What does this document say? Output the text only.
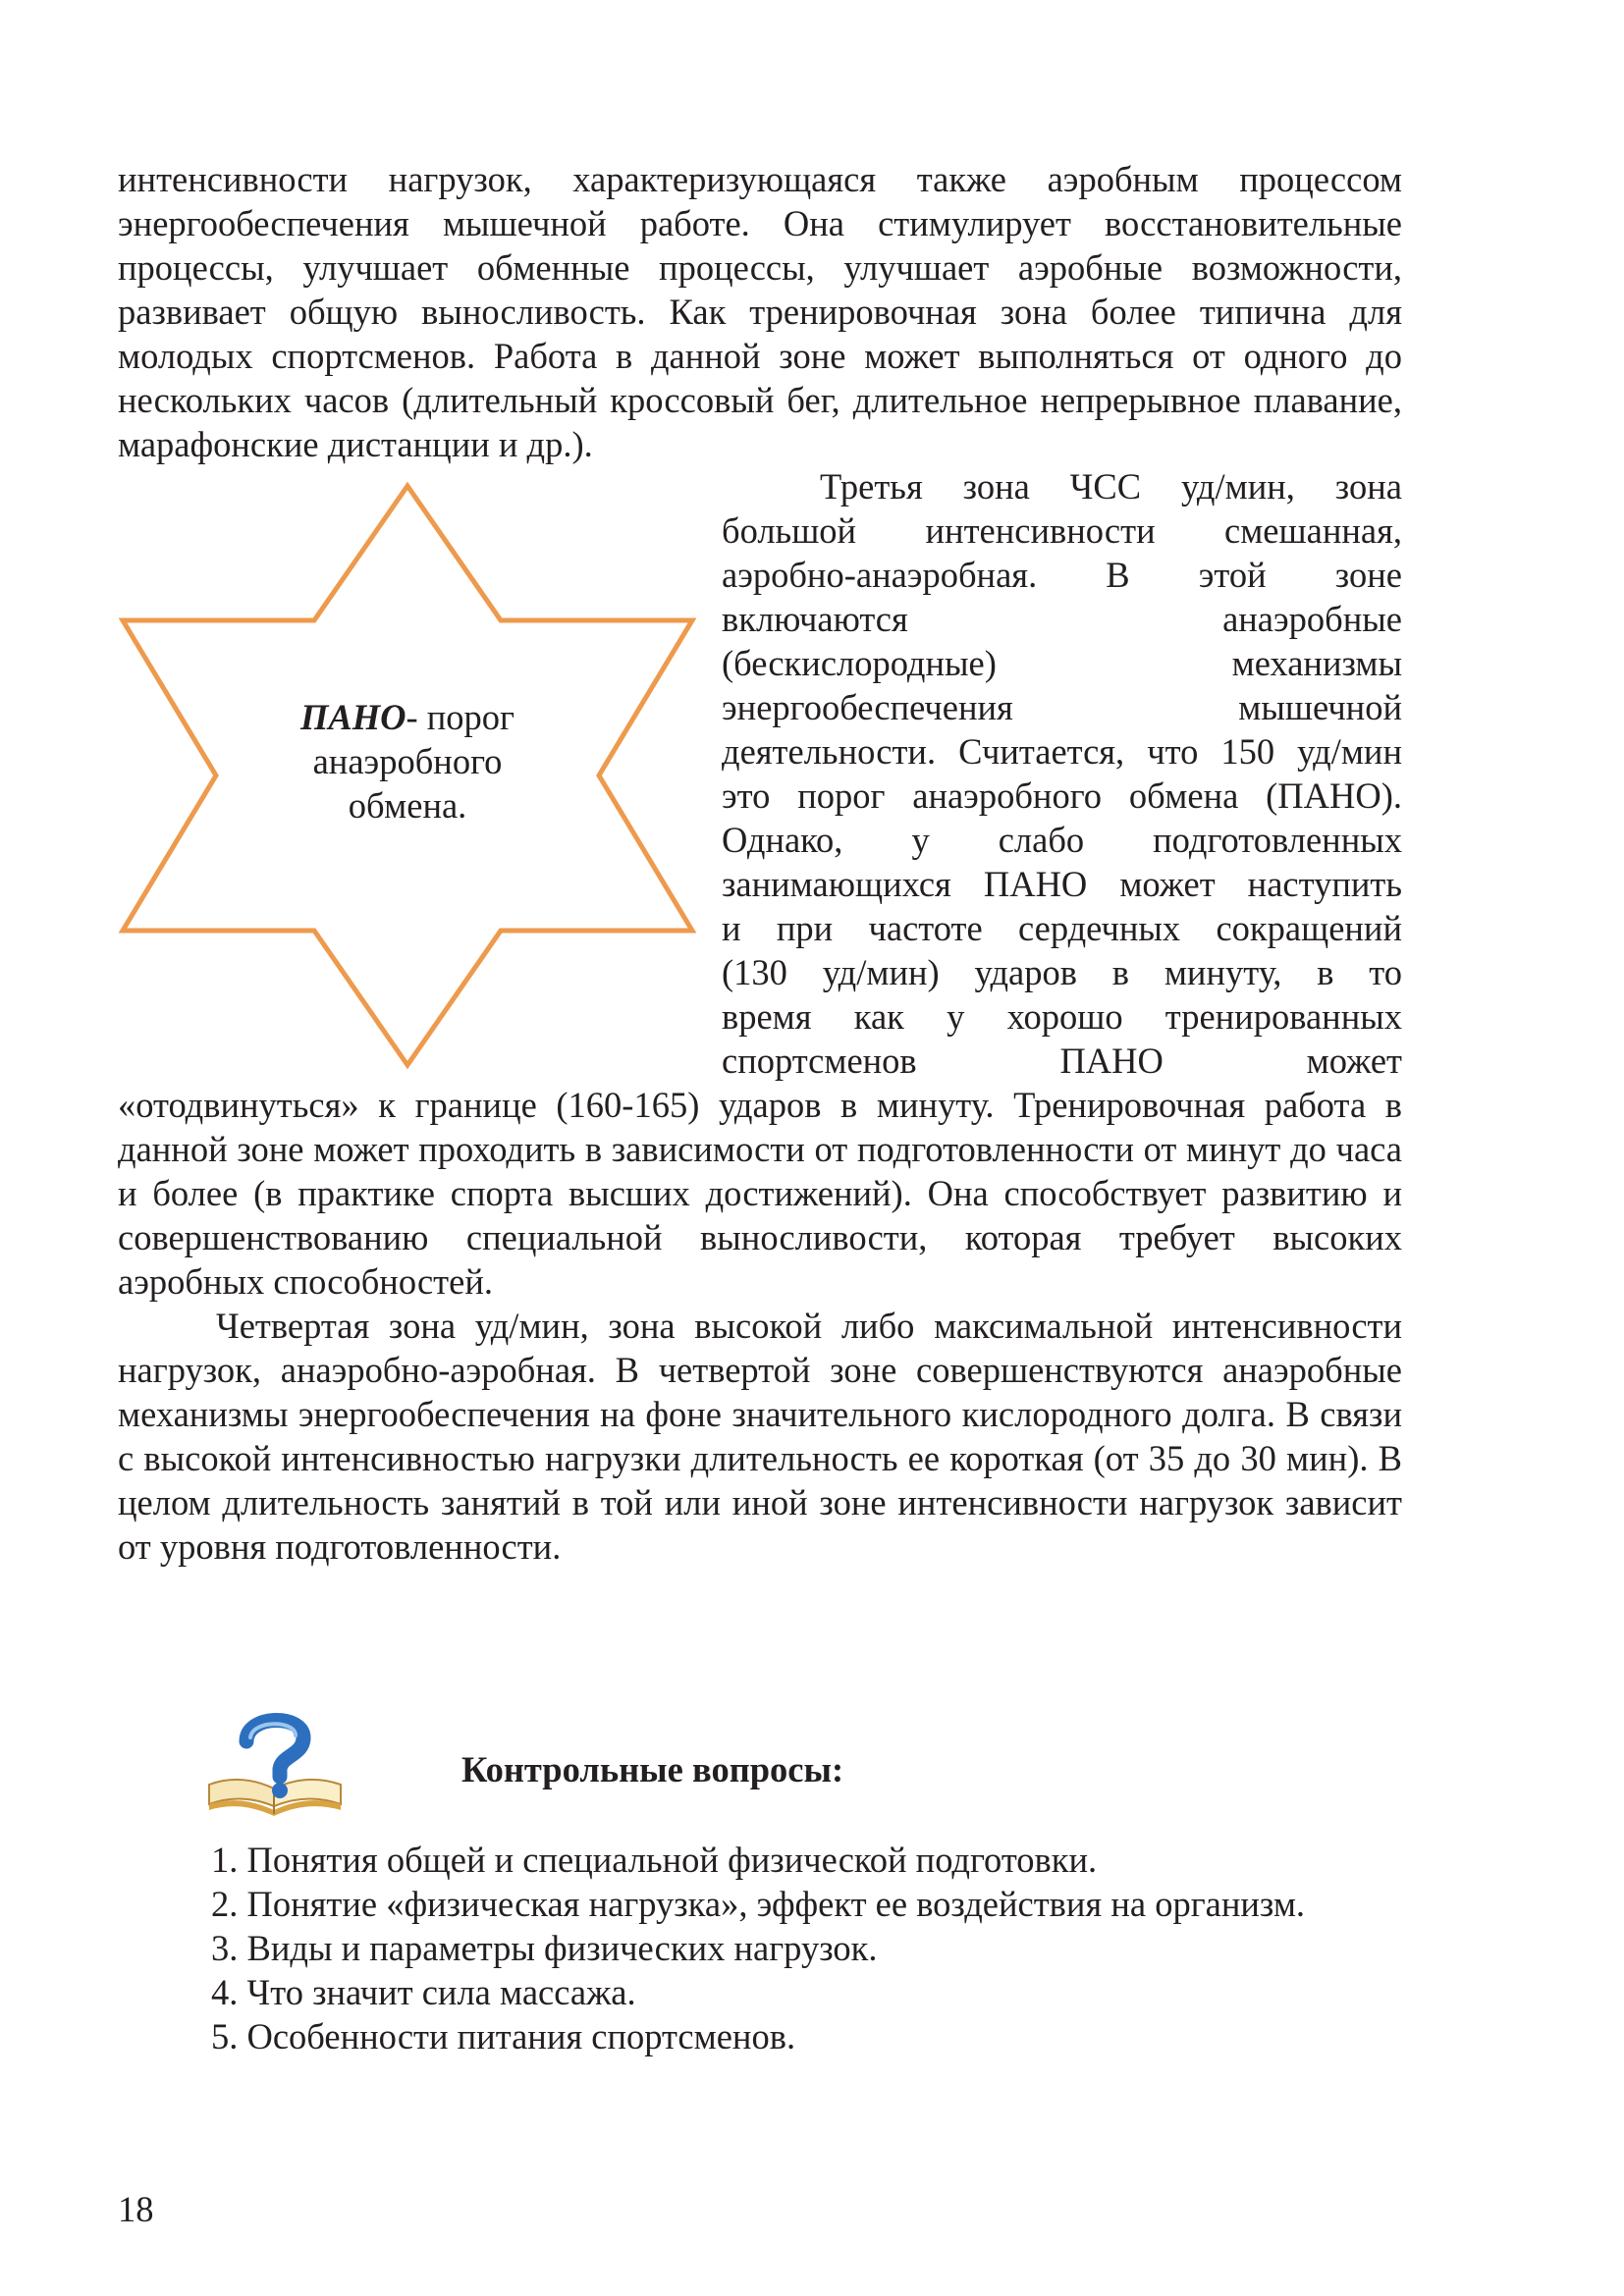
интенсивности нагрузок, характеризующаяся также аэробным процессом энергообеспечения мышечной работе. Она стимулирует восстановительные процессы, улучшает обменные процессы, улучшает аэробные возможности, развивает общую выносливость. Как тренировочная зона более типична для молодых спортсменов. Работа в данной зоне может выполняться от одного до нескольких часов (длительный кроссовый бег, длительное непрерывное плавание, марафонские дистанции и др.).

ПАНО- порог
анаэробного
обмена.
Третья зона ЧСС уд/мин, зона
большой интенсивности смешанная,
аэробно-анаэробная. В этой зоне
включаются анаэробные
(бескислородные) механизмы
энергообеспечения мышечной
деятельности. Считается, что 150 уд/мин
это порог анаэробного обмена (ПАНО).
Однако, у слабо подготовленных
занимающихся ПАНО может наступить
и при частоте сердечных сокращений
(130 уд/мин) ударов в минуту, в то
время как у хорошо тренированных
спортсменов ПАНО может

«отодвинуться» к границе (160-165) ударов в минуту. Тренировочная работа в данной зоне может проходить в зависимости от подготовленности от минут до часа и более (в практике спорта высших достижений). Она способствует развитию и совершенствованию специальной выносливости, которая требует высоких аэробных способностей.

Четвертая зона уд/мин, зона высокой либо максимальной интенсивности нагрузок, анаэробно-аэробная. В четвертой зоне совершенствуются анаэробные механизмы энергообеспечения на фоне значительного кислородного долга. В связи с высокой интенсивностью нагрузки длительность ее короткая (от 35 до 30 мин). В целом длительность занятий в той или иной зоне интенсивности нагрузок зависит от уровня подготовленности.

Контрольные вопросы:
1. Понятия общей и специальной физической подготовки.
2. Понятие «физическая нагрузка», эффект ее воздействия на организм.
3. Виды и параметры физических нагрузок.
4. Что значит сила массажа.
5. Особенности питания спортсменов.
18
